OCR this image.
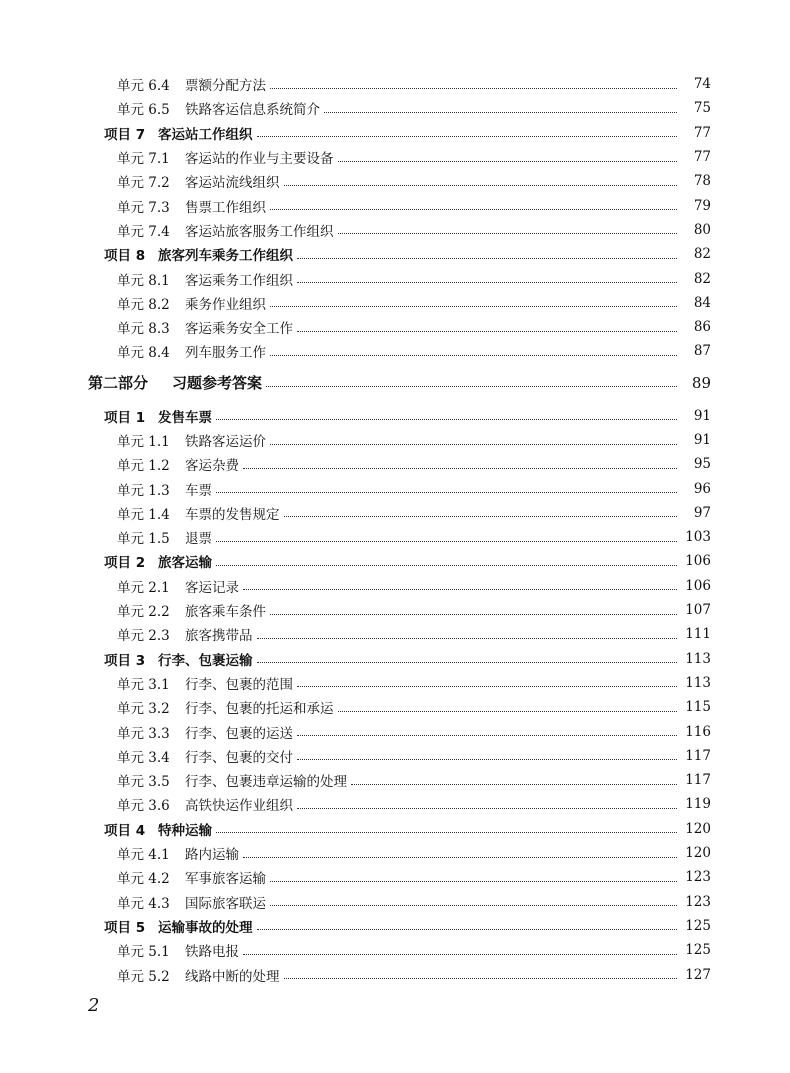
单元 6.4	票额分配方法	74
单元 6.5	铁路客运信息系统简介	75
项目 7 客运站工作组织	77
单元 7.1	客运站的作业与主要设备	77
单元 7.2	客运站流线组织	78
单元 7.3	售票工作组织	79
单元 7.4	客运站旅客服务工作组织	80
项目 8 旅客列车乘务工作组织	82
单元 8.1	客运乘务工作组织	82
单元 8.2	乘务作业组织	84
单元 8.3	客运乘务安全工作	86
单元 8.4	列车服务工作	87
第二部分	习题参考答案	89
项目 1 发售车票	91
单元 1.1	铁路客运运价	91
单元 1.2	客运杂费	95
单元 1.3	车票	96
单元 1.4	车票的发售规定	97
单元 1.5	退票	103
项目 2 旅客运输	106
单元 2.1	客运记录	106
单元 2.2	旅客乘车条件	107
单元 2.3	旅客携带品	111
项目 3 行李、包裹运输	113
单元 3.1	行李、包裹的范围	113
单元 3.2	行李、包裹的托运和承运	115
单元 3.3	行李、包裹的运送	116
单元 3.4	行李、包裹的交付	117
单元 3.5	行李、包裹违章运输的处理	117
单元 3.6	高铁快运作业组织	119
项目 4 特种运输	120
单元 4.1	路内运输	120
单元 4.2	军事旅客运输	123
单元 4.3	国际旅客联运	123
项目 5 运输事故的处理	125
单元 5.1	铁路电报	125
单元 5.2	线路中断的处理	127
2
